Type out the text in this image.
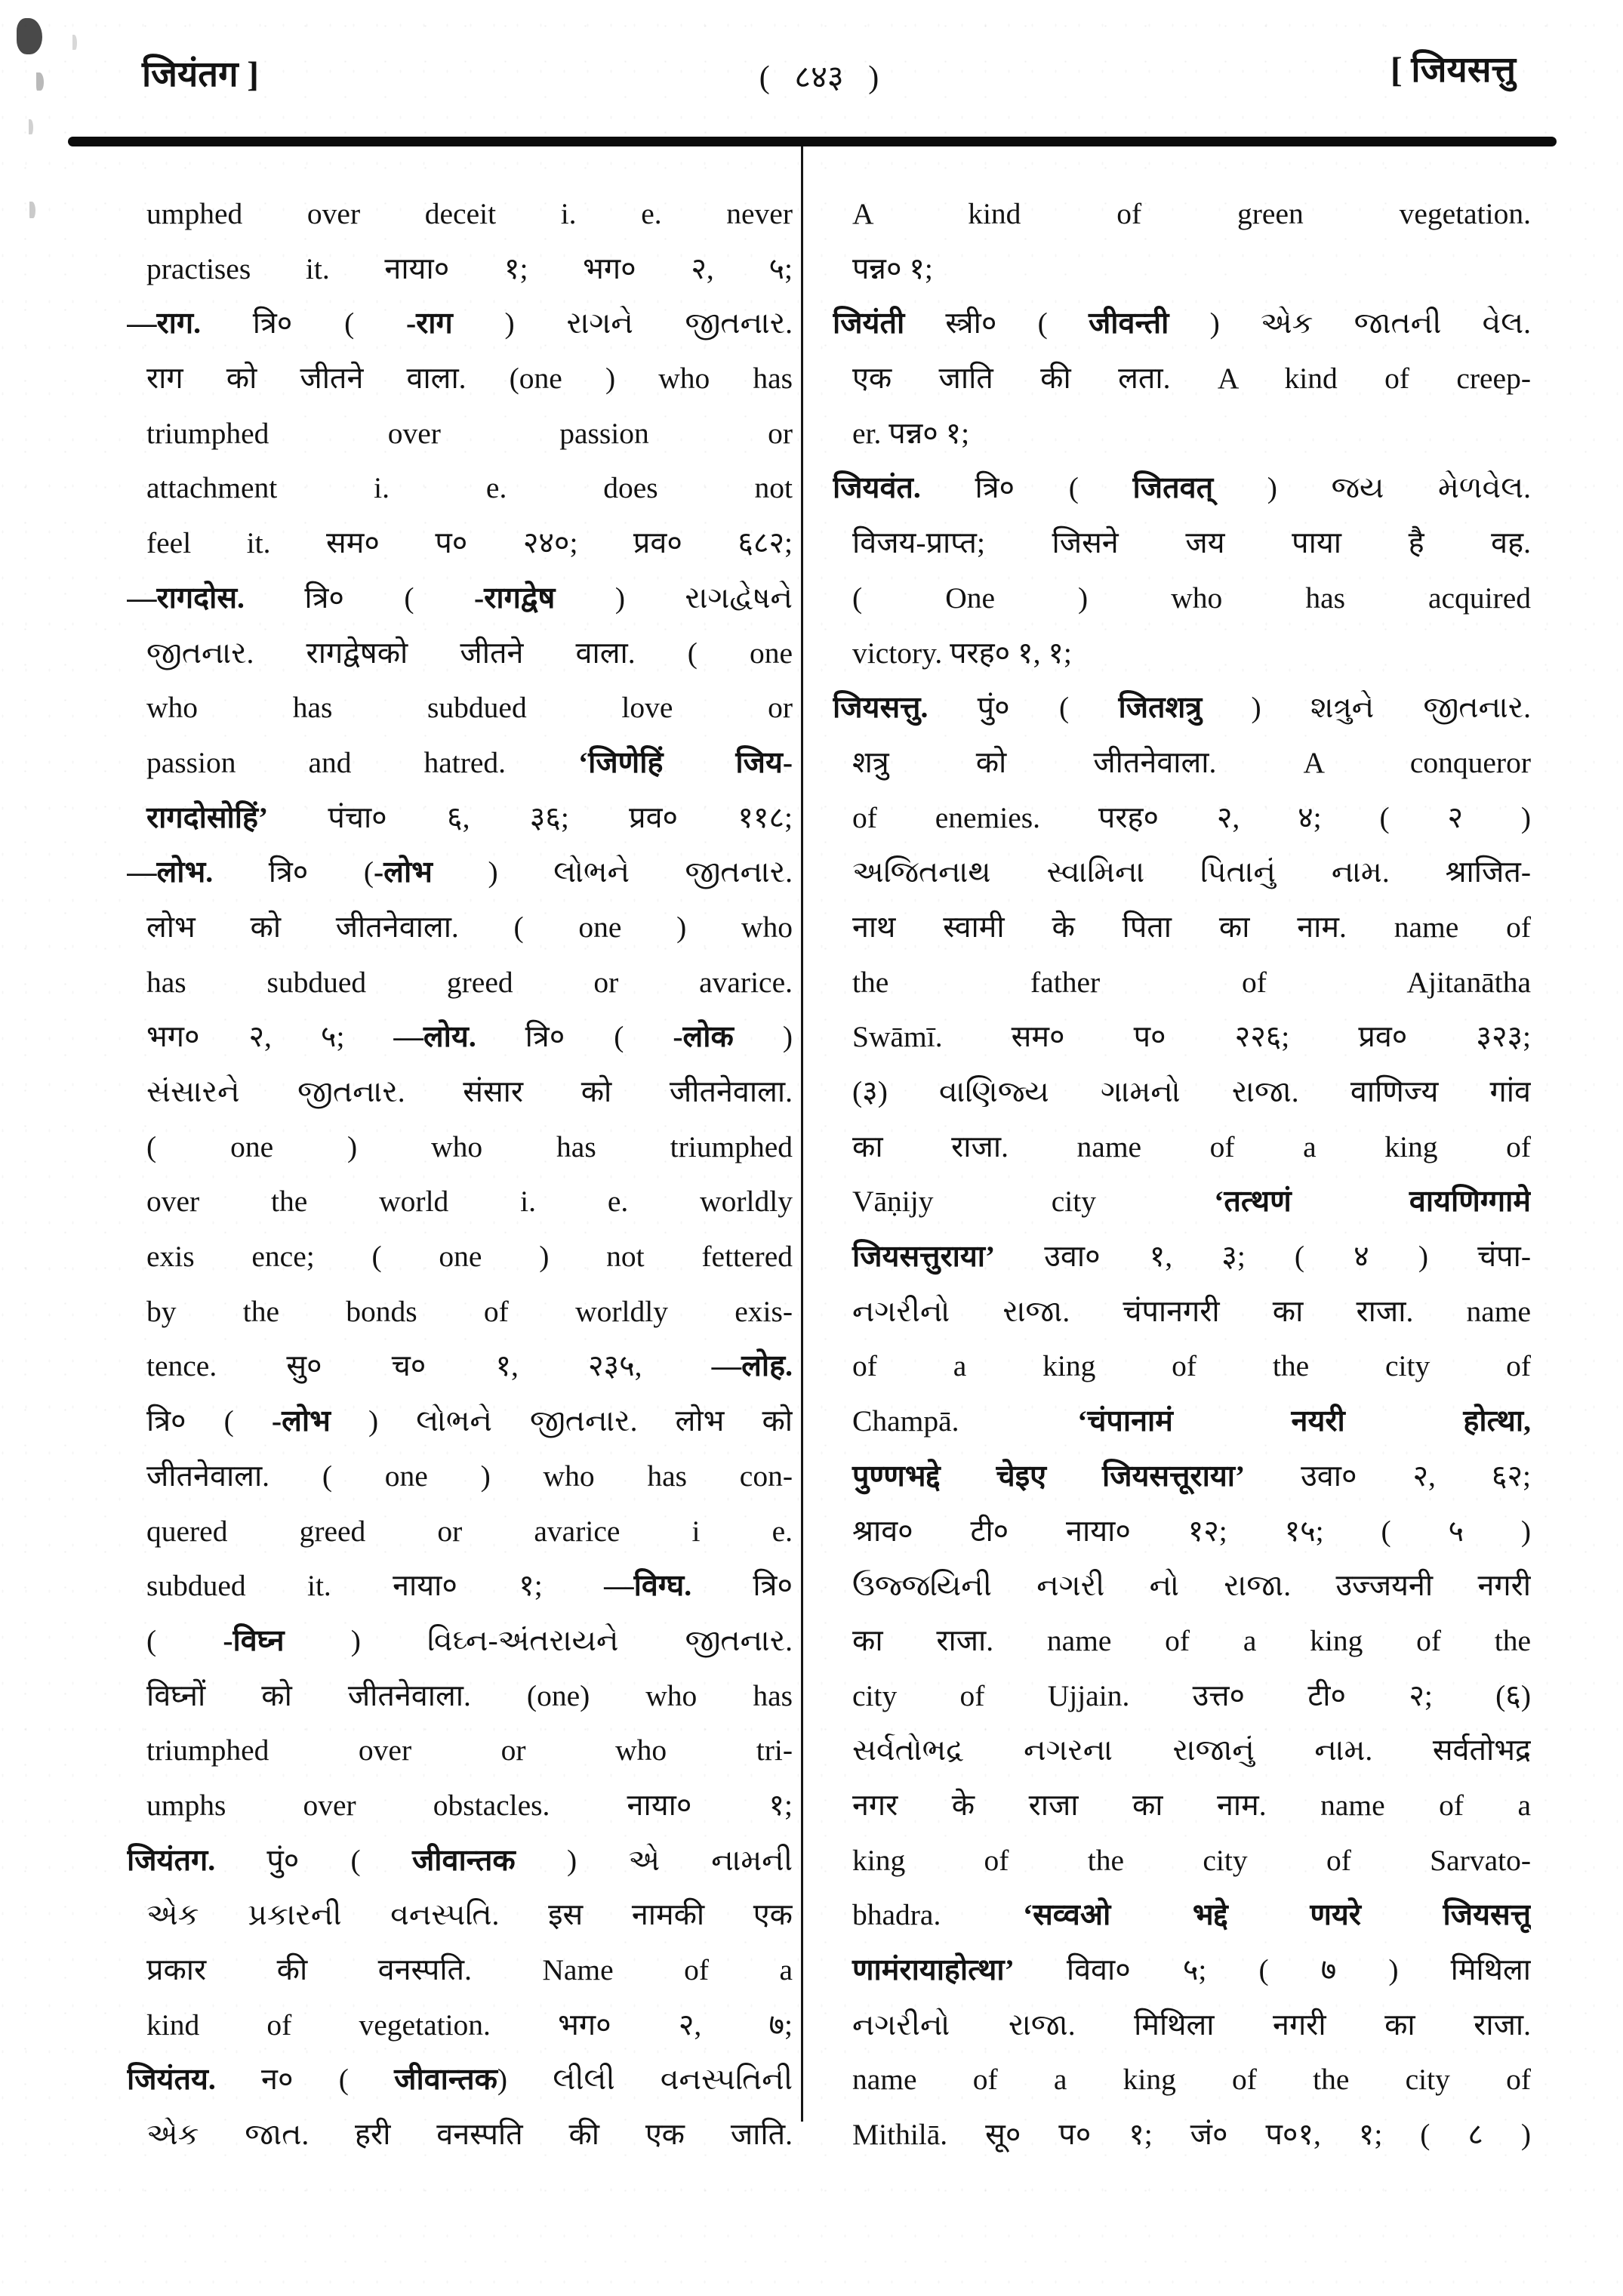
जियंतग ]	( ८४३ )	[ जियसत्तु
umphed over deceit i. e. never
practises it. नाया० १; भग० २, ५;
—राग. त्रि० ( -राग ) રાગને જીતનાર.
राग को जीतने वाला. (one ) who has
triumphed over passion or
attachment i. e. does not
feel it. सम० प० २४०; प्रव० ६८२;
—रागदोस. त्रि० ( -रागद्वेष ) રાગદ્વેષને
જીતનાર. रागद्वेषको जीतने वाला. ( one
who has subdued love or
passion and hatred. ‘जिणेहिं जिय-
रागदोसोहिं’ पंचा० ६, ३६; प्रव० ११८;
—लोभ. त्रि० (-लोभ ) લોભને જીતનાર.
लोभ को जीतनेवाला. ( one ) who
has subdued greed or avarice.
भग० २, ५; —लोय. त्रि० ( -लोक )
સંસારને જીતનાર. संसार को जीतनेवाला.
( one ) who has triumphed
over the world i. e. worldly
exis ence; ( one ) not fettered
by the bonds of worldly exis-
tence. सु० च० १, २३५, —लोह.
त्रि० ( -लोभ ) લોભને જીતનાર. लोभ को
जीतनेवाला. ( one ) who has con-
quered greed or avarice i e.
subdued it. नाया० १; —विग्घ. त्रि०
( -विघ्न ) વિઘ્ન-અંતરાયને જીતનાર.
विघ्नों को जीतनेवाला. (one) who has
triumphed over or who tri-
umphs over obstacles. नाया० १;
जियंतग. पुं० ( जीवान्तक ) એ નામની
એક પ્રકારની વનસ્પતિ. इस नामकी एक
प्रकार की वनस्पति. Name of a
kind of vegetation. भग० २, ७;
जियंतय. न० ( जीवान्तक) લીલી વનસ્પતિની
એક જાત. हरी वनस्पति की एक जाति.
A kind of green vegetation.
पन्न० १;
जियंती स्त्री० ( जीवन्ती ) એક જાતની વેલ.
एक जाति की लता. A kind of creep-
er. पन्न० १;
जियवंत. त्रि० ( जितवत् ) જય મેળવેલ.
विजय-प्राप्त; जिसने जय पाया है वह.
( One ) who has acquired
victory. परह० १, १;
जियसत्तु. पुं० ( जितशत्रु ) શત્રુને જીતનાર.
शत्रु को जीतनेवाला. A conqueror
of enemies. परह० २, ४; ( २ )
અજિતનાથ સ્વામિના પિતાનું નામ. श्राजित-
नाथ स्वामी के पिता का नाम. name of
the father of Ajitanātha
Swāmī. सम० प० २२६; प्रव० ३२३;
(३) વાણિજ્ય ગામનો રાજા. वाणिज्य गांव
का राजा. name of a king of
Vāṇijy city ‘तत्थणं वायणिग्गामे
जियसत्तुराया’ उवा० १, ३; ( ४ ) चंपा-
નગરીનો રાજા. चंपानगरी का राजा. name
of a king of the city of
Champā. ‘चंपानामं नयरी होत्था,
पुण्णभद्दे चेइए जियसत्तूराया’ उवा० २, ६२;
श्राव० टी० नाया० १२; १५; ( ५ )
ઉજ્જયિની નગરી નો રાજા. उज्जयनी नगरी
का राजा. name of a king of the
city of Ujjain. उत्त० टी० २; (६)
સર્વતોભદ્ર નગરના રાજાનું નામ. सर्वतोभद्र
नगर के राजा का नाम. name of a
king of the city of Sarvato-
bhadra. ‘सव्वओ भद्दे णयरे जियसत्तू
णामंरायाहोत्था’ विवा० ५; ( ७ ) मिथिला
નગરીનો રાજા. मिथिला नगरी का राजा.
name of a king of the city of
Mithilā. सू० प० १; जं० प०१, १; ( ८ )
